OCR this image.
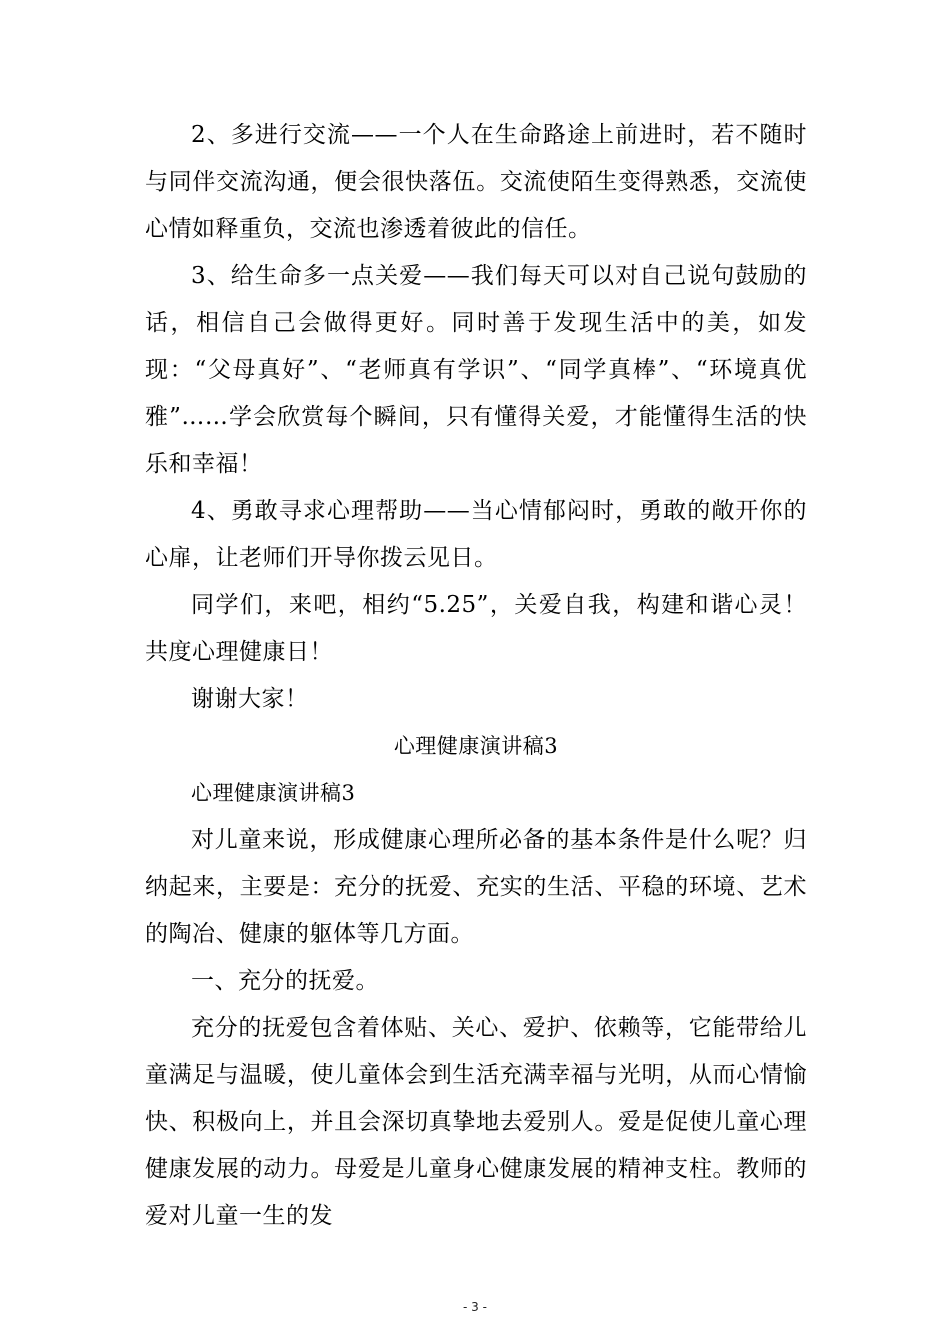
2、多进行交流——一个人在生命路途上前进时，若不随时与同伴交流沟通，便会很快落伍。交流使陌生变得熟悉，交流使心情如释重负，交流也渗透着彼此的信任。

3、给生命多一点关爱——我们每天可以对自己说句鼓励的话，相信自己会做得更好。同时善于发现生活中的美，如发现：“父母真好”、“老师真有学识”、“同学真棒”、“环境真优雅”……学会欣赏每个瞬间，只有懂得关爱，才能懂得生活的快乐和幸福！

4、勇敢寻求心理帮助——当心情郁闷时，勇敢的敞开你的心扉，让老师们开导你拨云见日。

同学们，来吧，相约“5.25”，关爱自我，构建和谐心灵！共度心理健康日！

谢谢大家！

心理健康演讲稿3

心理健康演讲稿3

对儿童来说，形成健康心理所必备的基本条件是什么呢？归纳起来，主要是：充分的抚爱、充实的生活、平稳的环境、艺术的陶冶、健康的躯体等几方面。

一、充分的抚爱。

充分的抚爱包含着体贴、关心、爱护、依赖等，它能带给儿童满足与温暖，使儿童体会到生活充满幸福与光明，从而心情愉快、积极向上，并且会深切真挚地去爱别人。爱是促使儿童心理健康发展的动力。母爱是儿童身心健康发展的精神支柱。教师的爱对儿童一生的发

- 3 -
